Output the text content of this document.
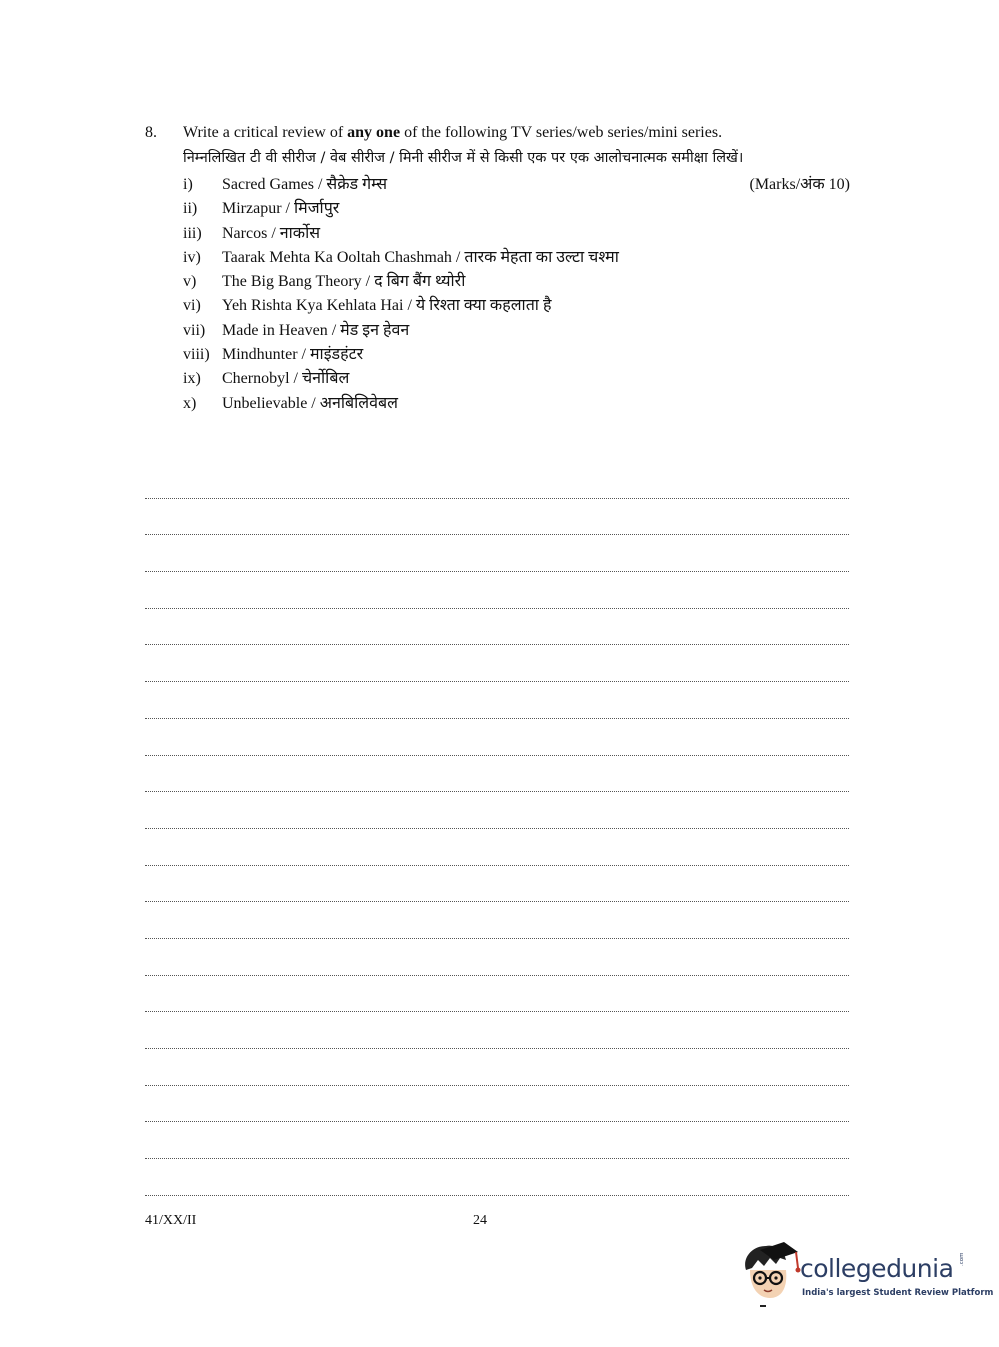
8. Write a critical review of any one of the following TV series/web series/mini series.
निम्नलिखित टी वी सीरीज / वेब सीरीज / मिनी सीरीज में से किसी एक पर एक आलोचनात्मक समीक्षा लिखें।
(Marks/अंक 10)
i)	Sacred Games / सैक्रेड गेम्स
ii)	Mirzapur / मिर्जापुर
iii)	Narcos / नार्कोस
iv)	Taarak Mehta Ka Ooltah Chashmah / तारक मेहता का उल्टा चश्मा
v)	The Big Bang Theory / द बिग बैंग थ्योरी
vi)	Yeh Rishta Kya Kehlata Hai / ये रिश्ता क्या कहलाता है
vii)	Made in Heaven / मेड इन हेवन
viii) Mindhunter / माइंडहंटर
ix)	Chernobyl / चेर्नोबिल
x)	Unbelievable / अनबिलिवेबल
41/XX/II	24
collegedunia .com
India's largest Student Review Platform
